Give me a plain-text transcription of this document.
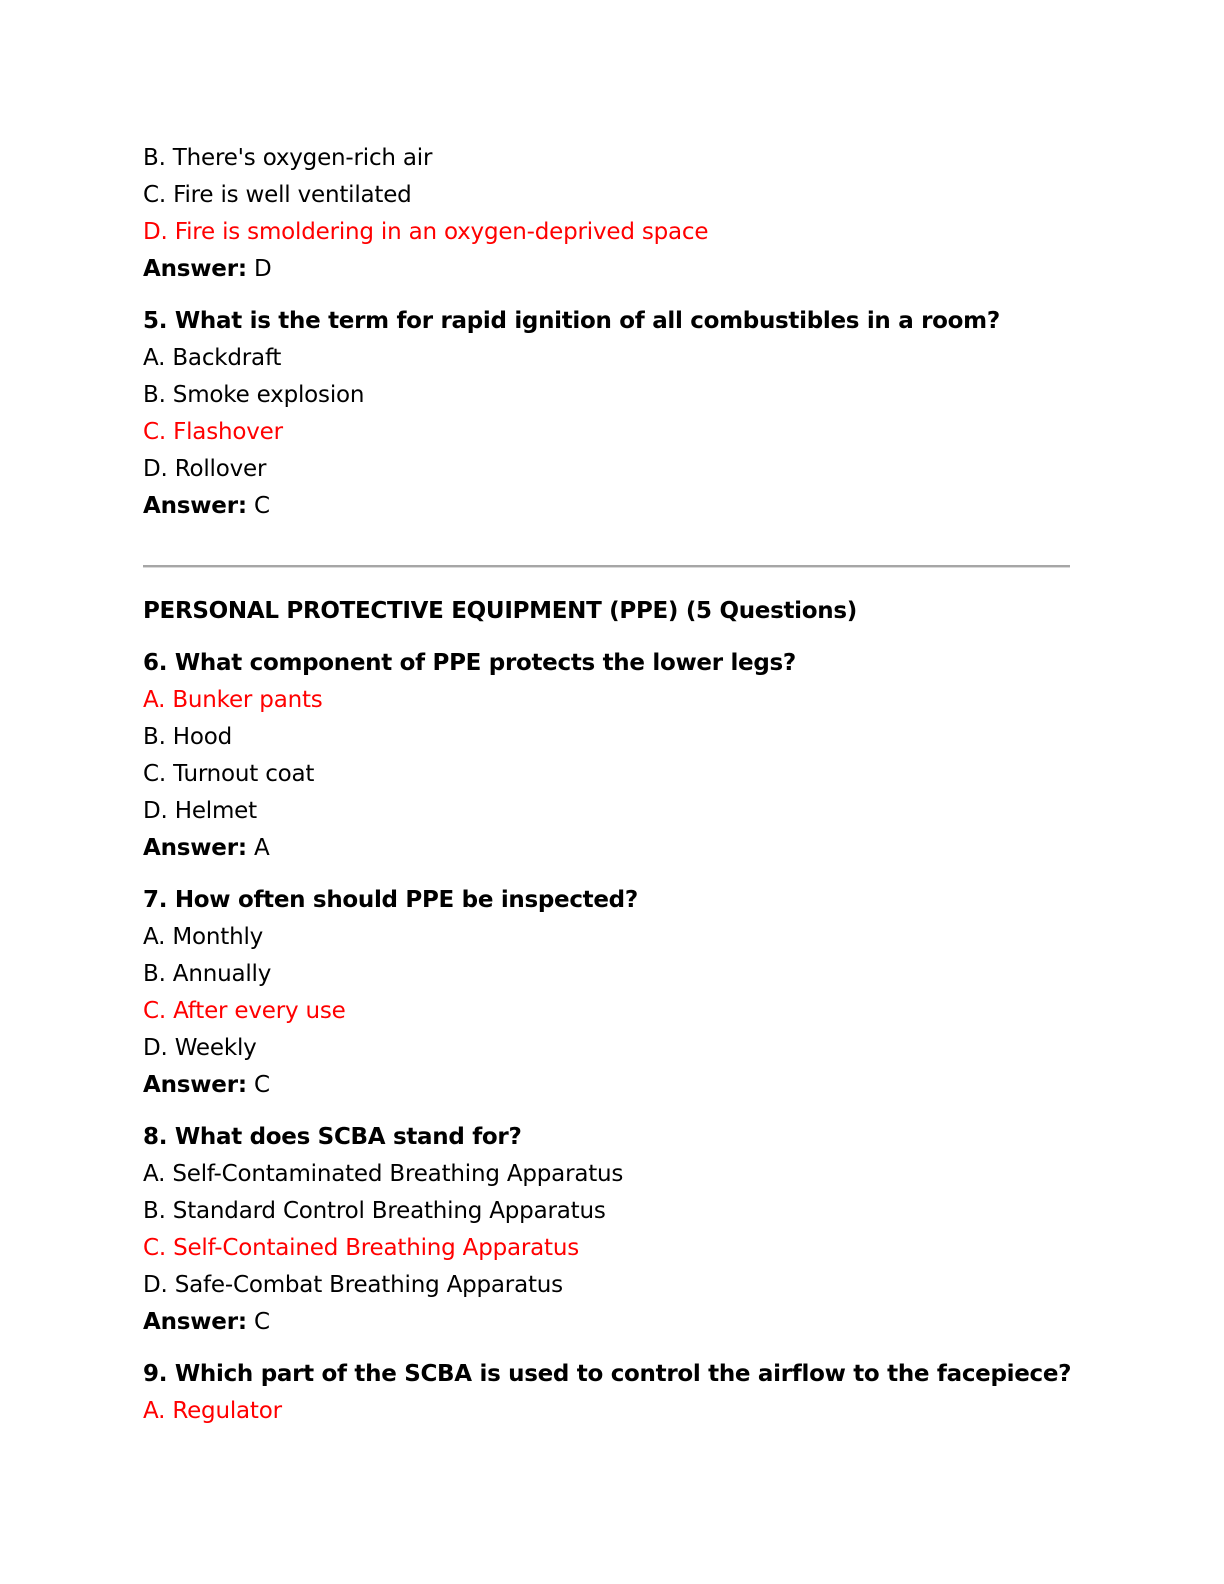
B. There's oxygen-rich air
C. Fire is well ventilated
D. Fire is smoldering in an oxygen-deprived space
Answer: D
5. What is the term for rapid ignition of all combustibles in a room?
A. Backdraft
B. Smoke explosion
C. Flashover
D. Rollover
Answer: C
PERSONAL PROTECTIVE EQUIPMENT (PPE) (5 Questions)
6. What component of PPE protects the lower legs?
A. Bunker pants
B. Hood
C. Turnout coat
D. Helmet
Answer: A
7. How often should PPE be inspected?
A. Monthly
B. Annually
C. After every use
D. Weekly
Answer: C
8. What does SCBA stand for?
A. Self-Contaminated Breathing Apparatus
B. Standard Control Breathing Apparatus
C. Self-Contained Breathing Apparatus
D. Safe-Combat Breathing Apparatus
Answer: C
9. Which part of the SCBA is used to control the airflow to the facepiece?
A. Regulator
